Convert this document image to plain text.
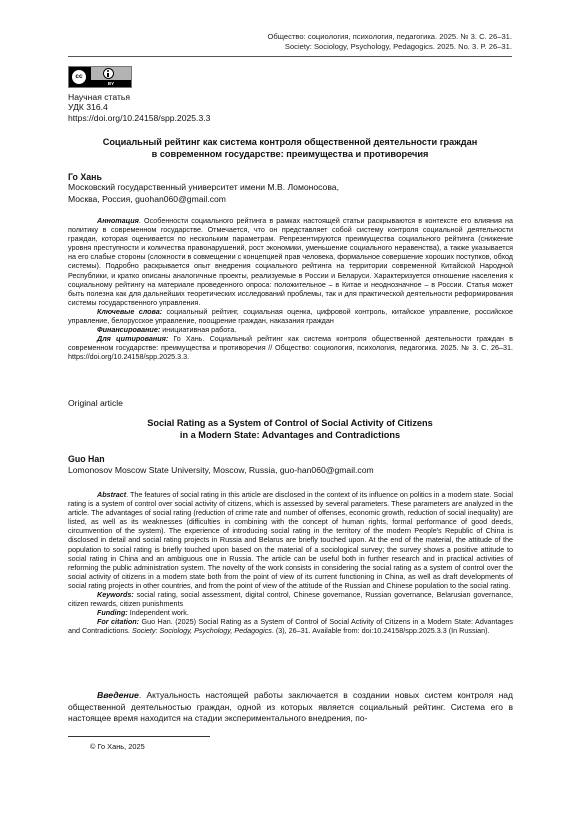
Общество: социология, психология, педагогика. 2025. № 3. С. 26–31.
Society: Sociology, Psychology, Pedagogics. 2025. No. 3. P. 26–31.
cc
BY
Научная статья
УДК 316.4
https://doi.org/10.24158/spp.2025.3.3
Социальный рейтинг как система контроля общественной деятельности граждан
в современном государстве: преимущества и противоречия
Го Хань
Московский государственный университет имени М.В. Ломоносова,
Москва, Россия, guohan060@gmail.com

Аннотация. Особенности социального рейтинга в рамках настоящей статьи раскрываются в контексте его влияния на политику в современном государстве. Отмечается, что он представляет собой систему контроля социальной деятельности граждан, которая оценивается по нескольким параметрам. Репрезентируются преимущества социального рейтинга (снижение уровня преступности и количества правонарушений, рост экономики, уменьшение социального неравенства), а также указывается на его слабые стороны (сложности в совмещении с концепцией прав человека, формальное совершение хороших поступков, обход системы). Подробно раскрывается опыт внедрения социального рейтинга на территории современной Китайской Народной Республики, и кратко описаны аналогичные проекты, реализуемые в России и Беларуси. Характеризуется отношение населения к социальному рейтингу на материале проведенного опроса: положительное – в Китае и неоднозначное – в России. Статья может быть полезна как для дальнейших теоретических исследований проблемы, так и для практической деятельности реформирования системы государственного управления.

Ключевые слова: социальный рейтинг, социальная оценка, цифровой контроль, китайское управление, российское управление, белорусское управление, поощрение граждан, наказания граждан

Финансирование: инициативная работа.

Для цитирования: Го Хань. Социальный рейтинг как система контроля общественной деятельности граждан в современном государстве: преимущества и противоречия // Общество: социология, психология, педагогика. 2025. № 3. С. 26–31. https://doi.org/10.24158/spp.2025.3.3.

Original article
Social Rating as a System of Control of Social Activity of Citizens
in a Modern State: Advantages and Contradictions
Guo Han
Lomonosov Moscow State University, Moscow, Russia, guo-han060@gmail.com

Abstract. The features of social rating in this article are disclosed in the context of its influence on politics in a modern state. Social rating is a system of control over social activity of citizens, which is assessed by several parameters. These parameters are analyzed in the article. The advantages of social rating (reduction of crime rate and number of offenses, economic growth, reduction of social inequality) are listed, as well as its weaknesses (difficulties in combining with the concept of human rights, formal performance of good deeds, circumvention of the system). The experience of introducing social rating in the territory of the modern People's Republic of China is disclosed in detail and social rating projects in Russia and Belarus are briefly touched upon. At the end of the material, the attitude of the population to social rating is briefly touched upon based on the material of a sociological survey; the survey shows a positive attitude to social rating in China and an ambiguous one in Russia. The article can be useful both in further research and in practical activities of reforming the public administration system. The novelty of the work consists in considering the social rating as a system of control over the social activity of citizens in a modern state both from the point of view of its current functioning in China, as well as draft developments of social rating projects in other countries, and from the point of view of the attitude of the Russian and Chinese population to the social rating.

Keywords: social rating, social assessment, digital control, Chinese governance, Russian governance, Belarusian governance, citizen rewards, citizen punishments

Funding: Independent work.

For citation: Guo Han. (2025) Social Rating as a System of Control of Social Activity of Citizens in a Modern State: Advantages and Contradictions. Society: Sociology, Psychology, Pedagogics. (3), 26–31. Available from: doi:10.24158/spp.2025.3.3 (In Russian).

Введение. Актуальность настоящей работы заключается в создании новых систем контроля над общественной деятельностью граждан, одной из которых является социальный рейтинг. Система его в настоящее время находится на стадии экспериментального внедрения, по-

© Го Хань, 2025
